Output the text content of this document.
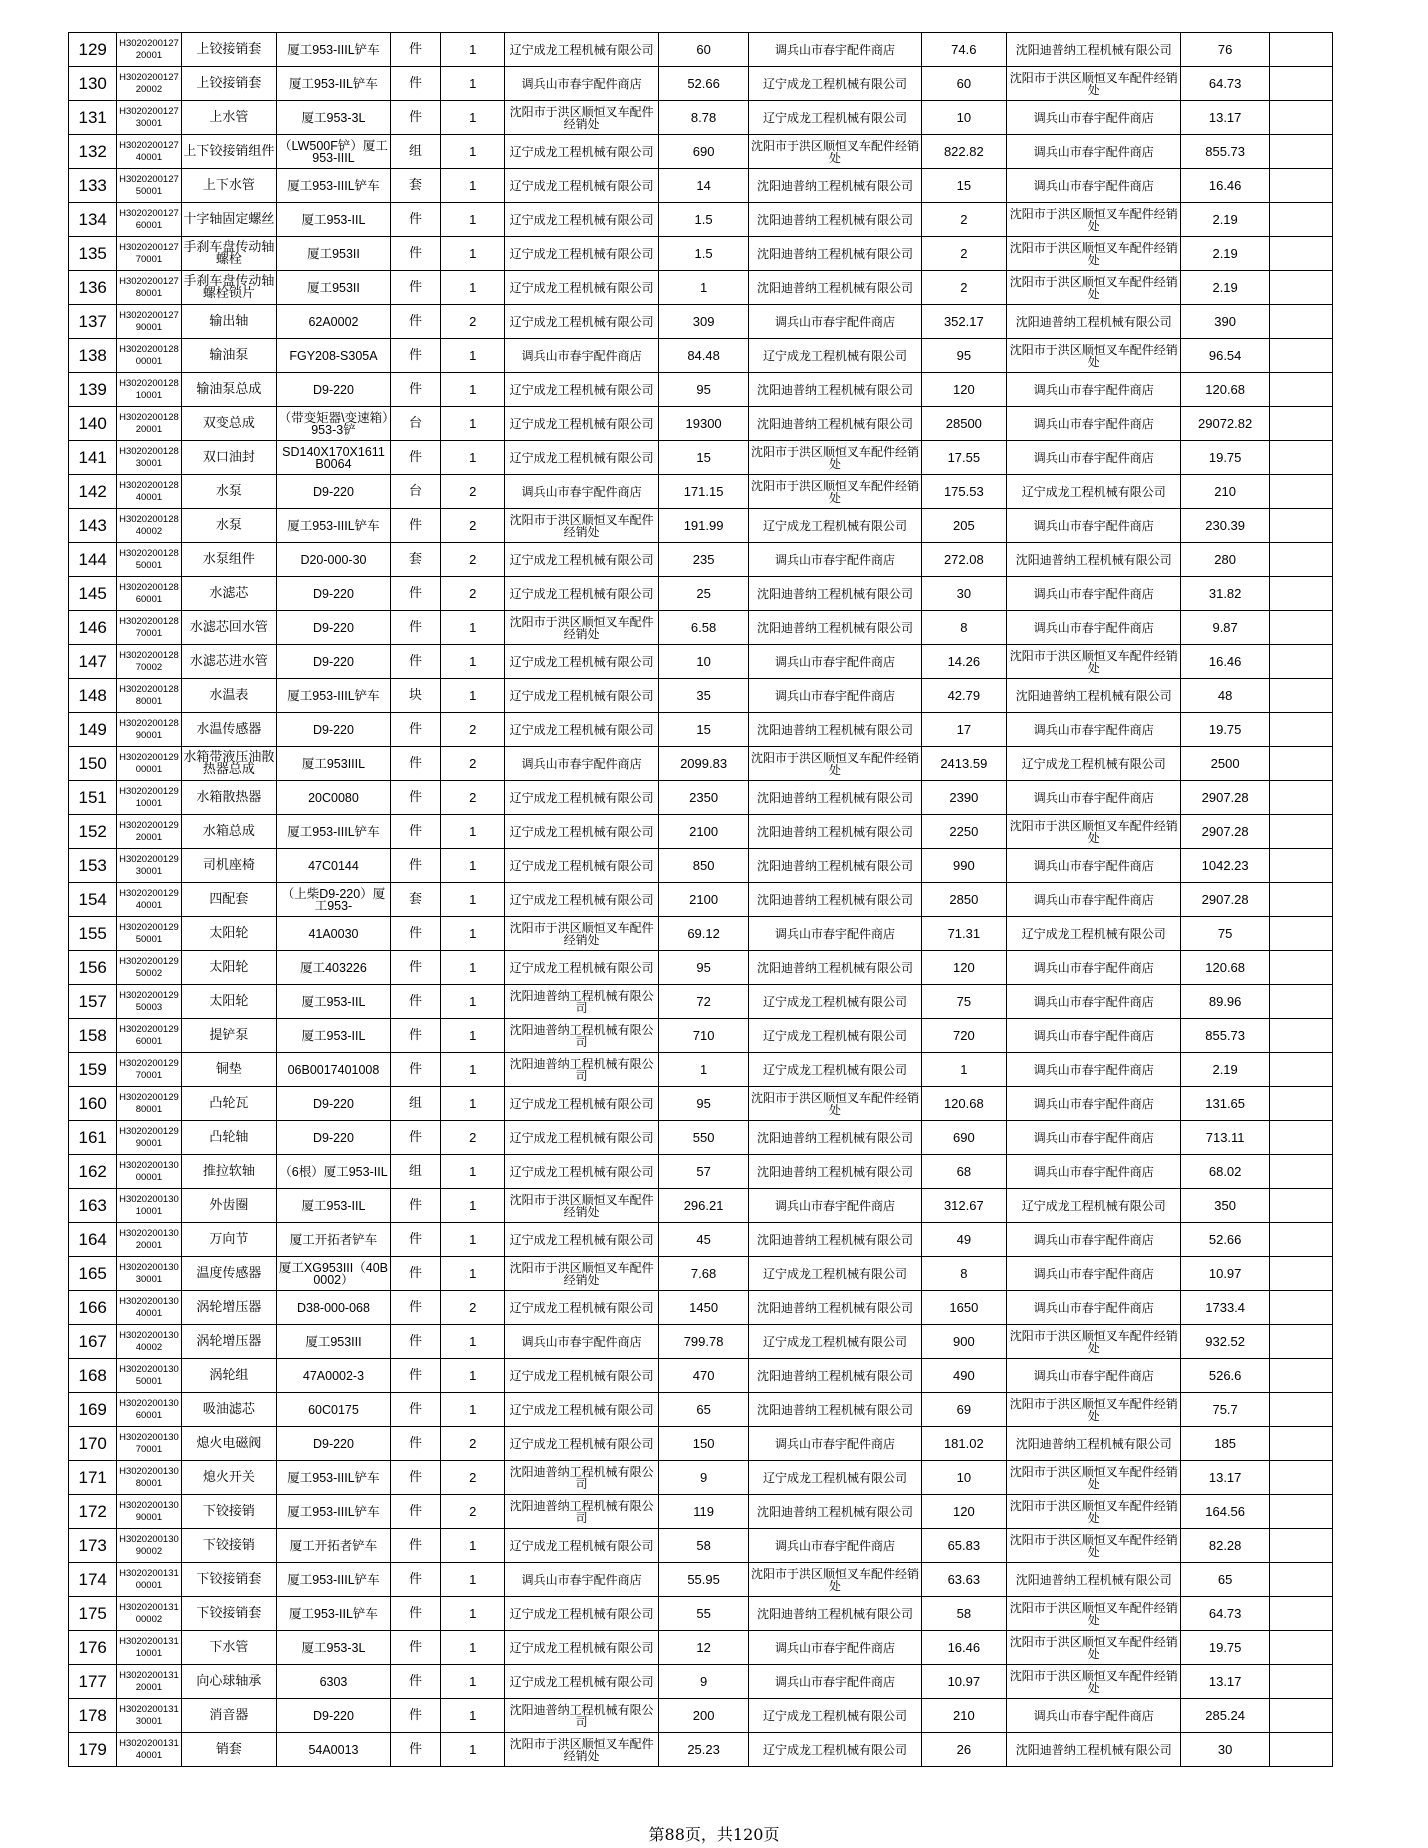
129	H302020012720001	上铰接销套	厦工953-IIIL铲车	件	1	辽宁成龙工程机械有限公司	60	调兵山市春宇配件商店	74.6	沈阳迪普纳工程机械有限公司	76	
130	H302020012720002	上铰接销套	厦工953-IIL铲车	件	1	调兵山市春宇配件商店	52.66	辽宁成龙工程机械有限公司	60	沈阳市于洪区顺恒叉车配件经销处	64.73	
131	H302020012730001	上水管	厦工953-3L	件	1	沈阳市于洪区顺恒叉车配件经销处	8.78	辽宁成龙工程机械有限公司	10	调兵山市春宇配件商店	13.17	
132	H302020012740001	上下铰接销组件	（LW500F铲）厦工953-IIIL	组	1	辽宁成龙工程机械有限公司	690	沈阳市于洪区顺恒叉车配件经销处	822.82	调兵山市春宇配件商店	855.73	
133	H302020012750001	上下水管	厦工953-IIIL铲车	套	1	辽宁成龙工程机械有限公司	14	沈阳迪普纳工程机械有限公司	15	调兵山市春宇配件商店	16.46	
134	H302020012760001	十字轴固定螺丝	厦工953-IIL	件	1	辽宁成龙工程机械有限公司	1.5	沈阳迪普纳工程机械有限公司	2	沈阳市于洪区顺恒叉车配件经销处	2.19	
135	H302020012770001	手刹车盘传动轴螺栓	厦工953II	件	1	辽宁成龙工程机械有限公司	1.5	沈阳迪普纳工程机械有限公司	2	沈阳市于洪区顺恒叉车配件经销处	2.19	
136	H302020012780001	手刹车盘传动轴螺栓锁片	厦工953II	件	1	辽宁成龙工程机械有限公司	1	沈阳迪普纳工程机械有限公司	2	沈阳市于洪区顺恒叉车配件经销处	2.19	
137	H302020012790001	输出轴	62A0002	件	2	辽宁成龙工程机械有限公司	309	调兵山市春宇配件商店	352.17	沈阳迪普纳工程机械有限公司	390	
138	H302020012800001	输油泵	FGY208-S305A	件	1	调兵山市春宇配件商店	84.48	辽宁成龙工程机械有限公司	95	沈阳市于洪区顺恒叉车配件经销处	96.54	
139	H302020012810001	输油泵总成	D9-220	件	1	辽宁成龙工程机械有限公司	95	沈阳迪普纳工程机械有限公司	120	调兵山市春宇配件商店	120.68	
140	H302020012820001	双变总成	（带变矩器\变速箱）953-3铲	台	1	辽宁成龙工程机械有限公司	19300	沈阳迪普纳工程机械有限公司	28500	调兵山市春宇配件商店	29072.82	
141	H302020012830001	双口油封	SD140X170X1611B0064	件	1	辽宁成龙工程机械有限公司	15	沈阳市于洪区顺恒叉车配件经销处	17.55	调兵山市春宇配件商店	19.75	
142	H302020012840001	水泵	D9-220	台	2	调兵山市春宇配件商店	171.15	沈阳市于洪区顺恒叉车配件经销处	175.53	辽宁成龙工程机械有限公司	210	
143	H302020012840002	水泵	厦工953-IIIL铲车	件	2	沈阳市于洪区顺恒叉车配件经销处	191.99	辽宁成龙工程机械有限公司	205	调兵山市春宇配件商店	230.39	
144	H302020012850001	水泵组件	D20-000-30	套	2	辽宁成龙工程机械有限公司	235	调兵山市春宇配件商店	272.08	沈阳迪普纳工程机械有限公司	280	
145	H302020012860001	水滤芯	D9-220	件	2	辽宁成龙工程机械有限公司	25	沈阳迪普纳工程机械有限公司	30	调兵山市春宇配件商店	31.82	
146	H302020012870001	水滤芯回水管	D9-220	件	1	沈阳市于洪区顺恒叉车配件经销处	6.58	沈阳迪普纳工程机械有限公司	8	调兵山市春宇配件商店	9.87	
147	H302020012870002	水滤芯进水管	D9-220	件	1	辽宁成龙工程机械有限公司	10	调兵山市春宇配件商店	14.26	沈阳市于洪区顺恒叉车配件经销处	16.46	
148	H302020012880001	水温表	厦工953-IIIL铲车	块	1	辽宁成龙工程机械有限公司	35	调兵山市春宇配件商店	42.79	沈阳迪普纳工程机械有限公司	48	
149	H302020012890001	水温传感器	D9-220	件	2	辽宁成龙工程机械有限公司	15	沈阳迪普纳工程机械有限公司	17	调兵山市春宇配件商店	19.75	
150	H302020012900001	水箱带液压油散热器总成	厦工953IIIL	件	2	调兵山市春宇配件商店	2099.83	沈阳市于洪区顺恒叉车配件经销处	2413.59	辽宁成龙工程机械有限公司	2500	
151	H302020012910001	水箱散热器	20C0080	件	2	辽宁成龙工程机械有限公司	2350	沈阳迪普纳工程机械有限公司	2390	调兵山市春宇配件商店	2907.28	
152	H302020012920001	水箱总成	厦工953-IIIL铲车	件	1	辽宁成龙工程机械有限公司	2100	沈阳迪普纳工程机械有限公司	2250	沈阳市于洪区顺恒叉车配件经销处	2907.28	
153	H302020012930001	司机座椅	47C0144	件	1	辽宁成龙工程机械有限公司	850	沈阳迪普纳工程机械有限公司	990	调兵山市春宇配件商店	1042.23	
154	H302020012940001	四配套	（上柴D9-220）厦工953-	套	1	辽宁成龙工程机械有限公司	2100	沈阳迪普纳工程机械有限公司	2850	调兵山市春宇配件商店	2907.28	
155	H302020012950001	太阳轮	41A0030	件	1	沈阳市于洪区顺恒叉车配件经销处	69.12	调兵山市春宇配件商店	71.31	辽宁成龙工程机械有限公司	75	
156	H302020012950002	太阳轮	厦工403226	件	1	辽宁成龙工程机械有限公司	95	沈阳迪普纳工程机械有限公司	120	调兵山市春宇配件商店	120.68	
157	H302020012950003	太阳轮	厦工953-IIL	件	1	沈阳迪普纳工程机械有限公司	72	辽宁成龙工程机械有限公司	75	调兵山市春宇配件商店	89.96	
158	H302020012960001	提铲泵	厦工953-IIL	件	1	沈阳迪普纳工程机械有限公司	710	辽宁成龙工程机械有限公司	720	调兵山市春宇配件商店	855.73	
159	H302020012970001	铜垫	06B0017401008	件	1	沈阳迪普纳工程机械有限公司	1	辽宁成龙工程机械有限公司	1	调兵山市春宇配件商店	2.19	
160	H302020012980001	凸轮瓦	D9-220	组	1	辽宁成龙工程机械有限公司	95	沈阳市于洪区顺恒叉车配件经销处	120.68	调兵山市春宇配件商店	131.65	
161	H302020012990001	凸轮轴	D9-220	件	2	辽宁成龙工程机械有限公司	550	沈阳迪普纳工程机械有限公司	690	调兵山市春宇配件商店	713.11	
162	H302020013000001	推拉软轴	（6根）厦工953-IIL	组	1	辽宁成龙工程机械有限公司	57	沈阳迪普纳工程机械有限公司	68	调兵山市春宇配件商店	68.02	
163	H302020013010001	外齿圈	厦工953-IIL	件	1	沈阳市于洪区顺恒叉车配件经销处	296.21	调兵山市春宇配件商店	312.67	辽宁成龙工程机械有限公司	350	
164	H302020013020001	万向节	厦工开拓者铲车	件	1	辽宁成龙工程机械有限公司	45	沈阳迪普纳工程机械有限公司	49	调兵山市春宇配件商店	52.66	
165	H302020013030001	温度传感器	厦工XG953III（40B0002）	件	1	沈阳市于洪区顺恒叉车配件经销处	7.68	辽宁成龙工程机械有限公司	8	调兵山市春宇配件商店	10.97	
166	H302020013040001	涡轮增压器	D38-000-068	件	2	辽宁成龙工程机械有限公司	1450	沈阳迪普纳工程机械有限公司	1650	调兵山市春宇配件商店	1733.4	
167	H302020013040002	涡轮增压器	厦工953III	件	1	调兵山市春宇配件商店	799.78	辽宁成龙工程机械有限公司	900	沈阳市于洪区顺恒叉车配件经销处	932.52	
168	H302020013050001	涡轮组	47A0002-3	件	1	辽宁成龙工程机械有限公司	470	沈阳迪普纳工程机械有限公司	490	调兵山市春宇配件商店	526.6	
169	H302020013060001	吸油滤芯	60C0175	件	1	辽宁成龙工程机械有限公司	65	沈阳迪普纳工程机械有限公司	69	沈阳市于洪区顺恒叉车配件经销处	75.7	
170	H302020013070001	熄火电磁阀	D9-220	件	2	辽宁成龙工程机械有限公司	150	调兵山市春宇配件商店	181.02	沈阳迪普纳工程机械有限公司	185	
171	H302020013080001	熄火开关	厦工953-IIIL铲车	件	2	沈阳迪普纳工程机械有限公司	9	辽宁成龙工程机械有限公司	10	沈阳市于洪区顺恒叉车配件经销处	13.17	
172	H302020013090001	下铰接销	厦工953-IIIL铲车	件	2	沈阳迪普纳工程机械有限公司	119	沈阳迪普纳工程机械有限公司	120	沈阳市于洪区顺恒叉车配件经销处	164.56	
173	H302020013090002	下铰接销	厦工开拓者铲车	件	1	辽宁成龙工程机械有限公司	58	调兵山市春宇配件商店	65.83	沈阳市于洪区顺恒叉车配件经销处	82.28	
174	H302020013100001	下铰接销套	厦工953-IIIL铲车	件	1	调兵山市春宇配件商店	55.95	沈阳市于洪区顺恒叉车配件经销处	63.63	沈阳迪普纳工程机械有限公司	65	
175	H302020013100002	下铰接销套	厦工953-IIL铲车	件	1	辽宁成龙工程机械有限公司	55	沈阳迪普纳工程机械有限公司	58	沈阳市于洪区顺恒叉车配件经销处	64.73	
176	H302020013110001	下水管	厦工953-3L	件	1	辽宁成龙工程机械有限公司	12	调兵山市春宇配件商店	16.46	沈阳市于洪区顺恒叉车配件经销处	19.75	
177	H302020013120001	向心球轴承	6303	件	1	辽宁成龙工程机械有限公司	9	调兵山市春宇配件商店	10.97	沈阳市于洪区顺恒叉车配件经销处	13.17	
178	H302020013130001	消音器	D9-220	件	1	沈阳迪普纳工程机械有限公司	200	辽宁成龙工程机械有限公司	210	调兵山市春宇配件商店	285.24	
179	H302020013140001	销套	54A0013	件	1	沈阳市于洪区顺恒叉车配件经销处	25.23	辽宁成龙工程机械有限公司	26	沈阳迪普纳工程机械有限公司	30	
第88页，共120页
